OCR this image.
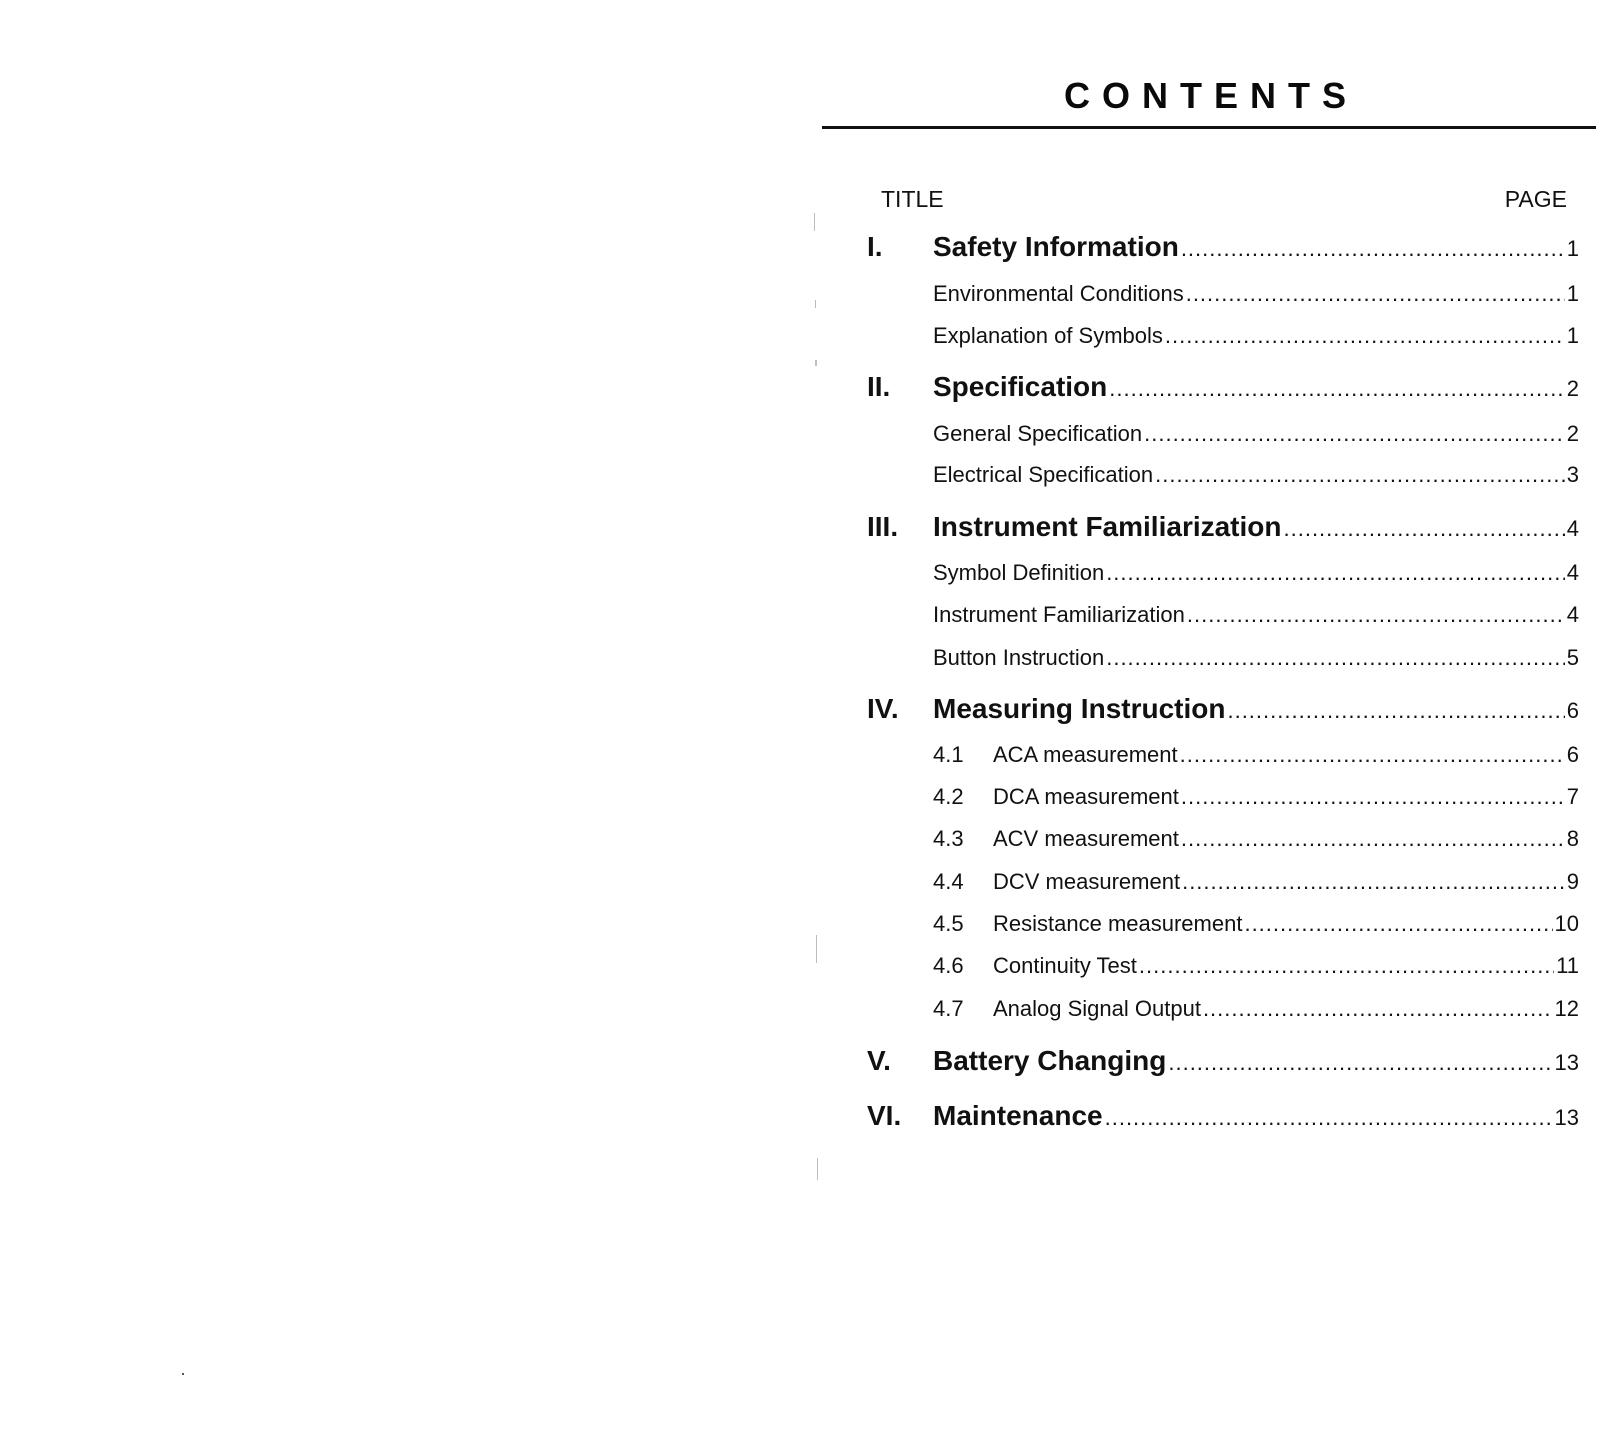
CONTENTS
TITLE	PAGE
I.	Safety Information .....	1
Environmental Conditions .....	1
Explanation of Symbols .....	1
II.	Specification .....	2
General Specification .....	2
Electrical Specification .....	3
III.	Instrument Familiarization .....	4
Symbol Definition .....	4
Instrument Familiarization .....	4
Button Instruction .....	5
IV.	Measuring Instruction .....	6
4.1	ACA measurement .....	6
4.2	DCA measurement .....	7
4.3	ACV measurement .....	8
4.4	DCV measurement .....	9
4.5	Resistance measurement .....	10
4.6	Continuity Test .....	11
4.7	Analog Signal Output .....	12
V.	Battery Changing .....	13
VI.	Maintenance .....	13
